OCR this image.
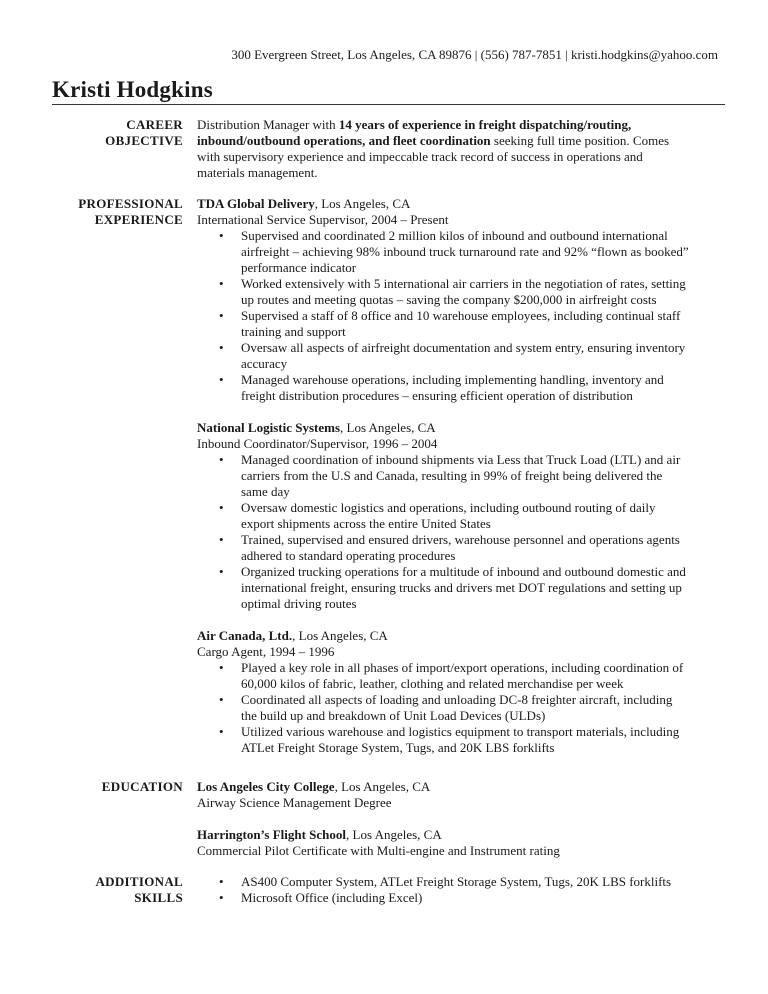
300 Evergreen Street, Los Angeles, CA 89876 | (556) 787-7851 | kristi.hodgkins@yahoo.com
Kristi Hodgkins
CAREER
OBJECTIVE
Distribution Manager with 14 years of experience in freight dispatching/routing,
inbound/outbound operations, and fleet coordination seeking full time position. Comes
with supervisory experience and impeccable track record of success in operations and
materials management.
PROFESSIONAL
EXPERIENCE
TDA Global Delivery, Los Angeles, CA
International Service Supervisor, 2004 – Present
• Supervised and coordinated 2 million kilos of inbound and outbound international
airfreight – achieving 98% inbound truck turnaround rate and 92% “flown as booked”
performance indicator
• Worked extensively with 5 international air carriers in the negotiation of rates, setting
up routes and meeting quotas – saving the company $200,000 in airfreight costs
• Supervised a staff of 8 office and 10 warehouse employees, including continual staff
training and support
• Oversaw all aspects of airfreight documentation and system entry, ensuring inventory
accuracy
• Managed warehouse operations, including implementing handling, inventory and
freight distribution procedures – ensuring efficient operation of distribution
National Logistic Systems, Los Angeles, CA
Inbound Coordinator/Supervisor, 1996 – 2004
• Managed coordination of inbound shipments via Less that Truck Load (LTL) and air
carriers from the U.S and Canada, resulting in 99% of freight being delivered the
same day
• Oversaw domestic logistics and operations, including outbound routing of daily
export shipments across the entire United States
• Trained, supervised and ensured drivers, warehouse personnel and operations agents
adhered to standard operating procedures
• Organized trucking operations for a multitude of inbound and outbound domestic and
international freight, ensuring trucks and drivers met DOT regulations and setting up
optimal driving routes
Air Canada, Ltd., Los Angeles, CA
Cargo Agent, 1994 – 1996
• Played a key role in all phases of import/export operations, including coordination of
60,000 kilos of fabric, leather, clothing and related merchandise per week
• Coordinated all aspects of loading and unloading DC-8 freighter aircraft, including
the build up and breakdown of Unit Load Devices (ULDs)
• Utilized various warehouse and logistics equipment to transport materials, including
ATLet Freight Storage System, Tugs, and 20K LBS forklifts
EDUCATION Los Angeles City College, Los Angeles, CA
Airway Science Management Degree
Harrington’s Flight School, Los Angeles, CA
Commercial Pilot Certificate with Multi-engine and Instrument rating
ADDITIONAL
SKILLS
• AS400 Computer System, ATLet Freight Storage System, Tugs, 20K LBS forklifts
• Microsoft Office (including Excel)
